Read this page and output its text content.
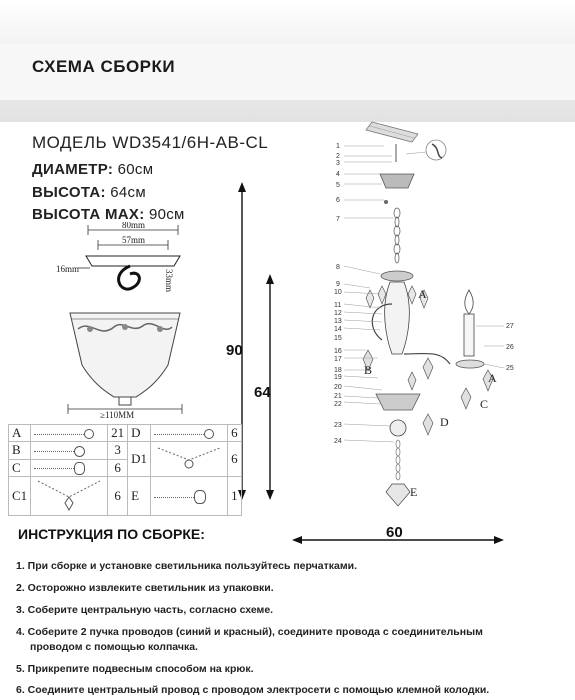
СХЕМА СБОРКИ
МОДЕЛЬ WD3541/6H-AB-CL
ДИАМЕТР: 60см
ВЫСОТА: 64см
ВЫСОТА MAX: 90см
80mm
57mm
16mm	33mm
≥110MM
90
64
1
2
3
4
5
6
7
8
9
10
11
12
13
14
15
16
17
18
19
20
21
22
23
24
25
26
27
A
A
B
C
D
E
60
A		21	D		6
B		3	D1		6
C		6			
C1		6	E		1
ИНСТРУКЦИЯ ПО СБОРКЕ:
1. При сборке и установке светильника пользуйтесь перчатками.
2. Осторожно извлеките светильник из упаковки.
3. Соберите центральную часть, согласно схеме.
4. Соберите 2 пучка проводов (синий и красный), соедините провода с соединительным
проводом с помощью колпачка.
5. Прикрепите подвесным способом на крюк.
6. Соедините центральный провод с проводом электросети с помощью клемной колодки.
